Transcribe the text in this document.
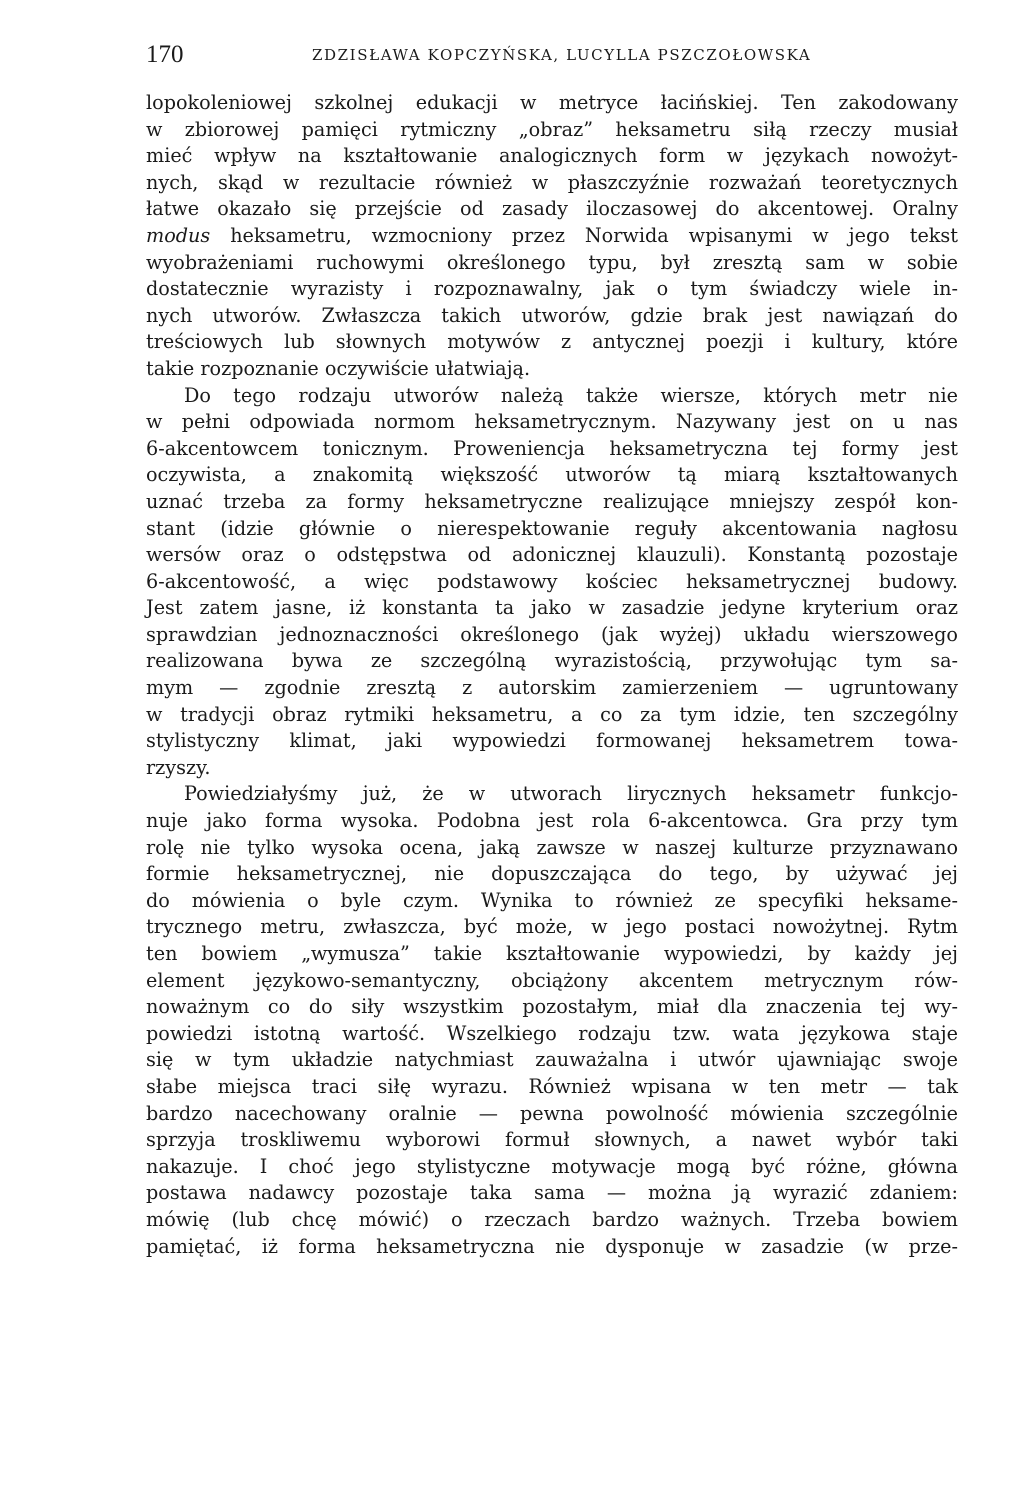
170	ZDZISŁAWA KOPCZYŃSKA, LUCYLLA PSZCZOŁOWSKA
lopokoleniowej szkolnej edukacji w metryce łacińskiej. Ten zakodowany
w zbiorowej pamięci rytmiczny „obraz” heksametru siłą rzeczy musiał
mieć wpływ na kształtowanie analogicznych form w językach nowożyt-
nych, skąd w rezultacie również w płaszczyźnie rozważań teoretycznych
łatwe okazało się przejście od zasady iloczasowej do akcentowej. Oralny
modus heksametru, wzmocniony przez Norwida wpisanymi w jego tekst
wyobrażeniami ruchowymi określonego typu, był zresztą sam w sobie
dostatecznie wyrazisty i rozpoznawalny, jak o tym świadczy wiele in-
nych utworów. Zwłaszcza takich utworów, gdzie brak jest nawiązań do
treściowych lub słownych motywów z antycznej poezji i kultury, które
takie rozpoznanie oczywiście ułatwiają.
Do tego rodzaju utworów należą także wiersze, których metr nie
w pełni odpowiada normom heksametrycznym. Nazywany jest on u nas
6-akcentowcem tonicznym. Proweniencja heksametryczna tej formy jest
oczywista, a znakomitą większość utworów tą miarą kształtowanych
uznać trzeba za formy heksametryczne realizujące mniejszy zespół kon-
stant (idzie głównie o nierespektowanie reguły akcentowania nagłosu
wersów oraz o odstępstwa od adonicznej klauzuli). Konstantą pozostaje
6-akcentowość, a więc podstawowy kościec heksametrycznej budowy.
Jest zatem jasne, iż konstanta ta jako w zasadzie jedyne kryterium oraz
sprawdzian jednoznaczności określonego (jak wyżej) układu wierszowego
realizowana bywa ze szczególną wyrazistością, przywołując tym sa-
mym — zgodnie zresztą z autorskim zamierzeniem — ugruntowany
w tradycji obraz rytmiki heksametru, a co za tym idzie, ten szczególny
stylistyczny klimat, jaki wypowiedzi formowanej heksametrem towa-
rzyszy.
Powiedziałyśmy już, że w utworach lirycznych heksametr funkcjo-
nuje jako forma wysoka. Podobna jest rola 6-akcentowca. Gra przy tym
rolę nie tylko wysoka ocena, jaką zawsze w naszej kulturze przyznawano
formie heksametrycznej, nie dopuszczająca do tego, by używać jej
do mówienia o byle czym. Wynika to również ze specyfiki heksame-
trycznego metru, zwłaszcza, być może, w jego postaci nowożytnej. Rytm
ten bowiem „wymusza” takie kształtowanie wypowiedzi, by każdy jej
element językowo-semantyczny, obciążony akcentem metrycznym rów-
noważnym co do siły wszystkim pozostałym, miał dla znaczenia tej wy-
powiedzi istotną wartość. Wszelkiego rodzaju tzw. wata językowa staje
się w tym układzie natychmiast zauważalna i utwór ujawniając swoje
słabe miejsca traci siłę wyrazu. Również wpisana w ten metr — tak
bardzo nacechowany oralnie — pewna powolność mówienia szczególnie
sprzyja troskliwemu wyborowi formuł słownych, a nawet wybór taki
nakazuje. I choć jego stylistyczne motywacje mogą być różne, główna
postawa nadawcy pozostaje taka sama — można ją wyrazić zdaniem:
mówię (lub chcę mówić) o rzeczach bardzo ważnych. Trzeba bowiem
pamiętać, iż forma heksametryczna nie dysponuje w zasadzie (w prze-
